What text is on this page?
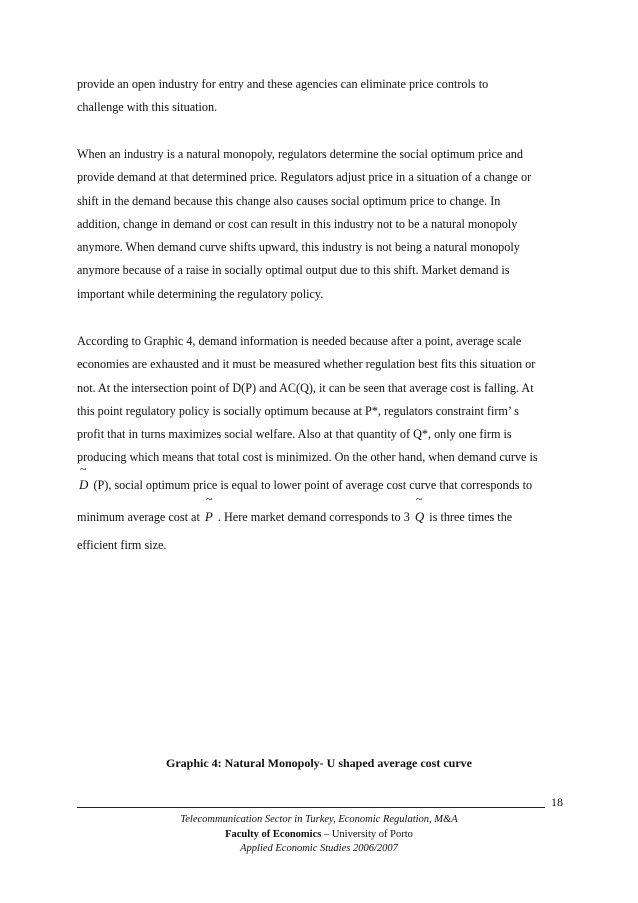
provide an open industry for entry and these agencies can eliminate price controls to
challenge with this situation.

When an industry is a natural monopoly, regulators determine the social optimum price and
provide demand at that determined price. Regulators adjust price in a situation of a change or
shift in the demand because this change also causes social optimum price to change. In
addition, change in demand or cost can result in this industry not to be a natural monopoly
anymore. When demand curve shifts upward, this industry is not being a natural monopoly
anymore because of a raise in socially optimal output due to this shift. Market demand is
important while determining the regulatory policy.

According to Graphic 4, demand information is needed because after a point, average scale
economies are exhausted and it must be measured whether regulation best fits this situation or
not. At the intersection point of D(P) and AC(Q), it can be seen that average cost is falling. At
this point regulatory policy is socially optimum because at P*, regulators constraint firm’ s
profit that in turns maximizes social welfare. Also at that quantity of Q*, only one firm is
producing which means that total cost is minimized. On the other hand, when demand curve is
~
D (P), social optimum price is equal to lower point of average cost curve that corresponds to
minimum average cost at
~
P . Here market demand corresponds to 3
~
Q is three times the
efficient firm size.

Graphic 4: Natural Monopoly- U shaped average cost curve

18
Telecommunication Sector in Turkey, Economic Regulation, M&A
Faculty of Economics – University of Porto
Applied Economic Studies 2006/2007
